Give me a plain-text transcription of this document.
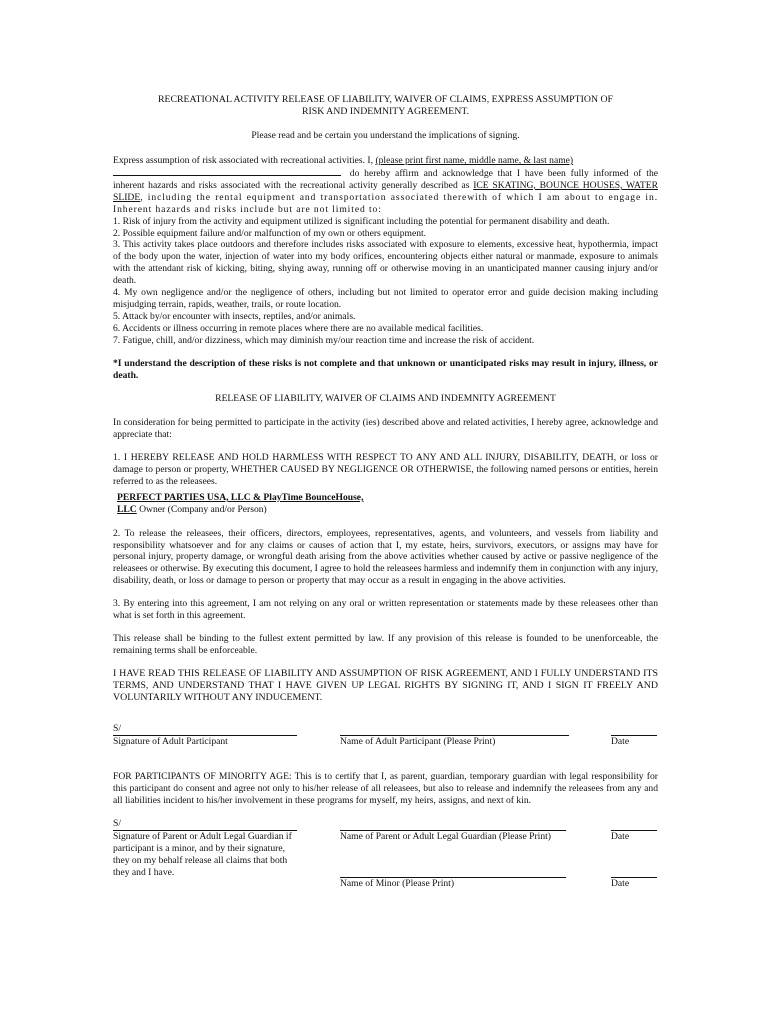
RECREATIONAL ACTIVITY RELEASE OF LIABILITY, WAIVER OF CLAIMS, EXPRESS ASSUMPTION OF
RISK AND INDEMNITY AGREEMENT.

Please read and be certain you understand the implications of signing.

Express assumption of risk associated with recreational activities. I, (please print first name, middle name, & last name)
do hereby affirm and acknowledge that I have been fully informed of the inherent hazards and risks associated with the recreational activity generally described as ICE SKATING, BOUNCE HOUSES, WATER SLIDE, including the rental equipment and transportation associated therewith of which I am about to engage in. Inherent hazards and risks include but are not limited to:

1. Risk of injury from the activity and equipment utilized is significant including the potential for permanent disability and death.

2. Possible equipment failure and/or malfunction of my own or others equipment.

3. This activity takes place outdoors and therefore includes risks associated with exposure to elements, excessive heat, hypothermia, impact of the body upon the water, injection of water into my body orifices, encountering objects either natural or manmade, exposure to animals with the attendant risk of kicking, biting, shying away, running off or otherwise moving in an unanticipated manner causing injury and/or death.

4. My own negligence and/or the negligence of others, including but not limited to operator error and guide decision making including misjudging terrain, rapids, weather, trails, or route location.

5. Attack by/or encounter with insects, reptiles, and/or animals.

6. Accidents or illness occurring in remote places where there are no available medical facilities.

7. Fatigue, chill, and/or dizziness, which may diminish my/our reaction time and increase the risk of accident.

*I understand the description of these risks is not complete and that unknown or unanticipated risks may result in injury, illness, or death.

RELEASE OF LIABILITY, WAIVER OF CLAIMS AND INDEMNITY AGREEMENT

In consideration for being permitted to participate in the activity (ies) described above and related activities, I hereby agree, acknowledge and appreciate that:

1. I HEREBY RELEASE AND HOLD HARMLESS WITH RESPECT TO ANY AND ALL INJURY, DISABILITY, DEATH, or loss or damage to person or property, WHETHER CAUSED BY NEGLIGENCE OR OTHERWISE, the following named persons or entities, herein referred to as the releasees.

PERFECT PARTIES USA, LLC & PlayTime BounceHouse,
LLC Owner (Company and/or Person)

2. To release the releasees, their officers, directors, employees, representatives, agents, and volunteers, and vessels from liability and responsibility whatsoever and for any claims or causes of action that I, my estate, heirs, survivors, executors, or assigns may have for personal injury, property damage, or wrongful death arising from the above activities whether caused by active or passive negligence of the releasees or otherwise. By executing this document, I agree to hold the releasees harmless and indemnify them in conjunction with any injury, disability, death, or loss or damage to person or property that may occur as a result in engaging in the above activities.

3. By entering into this agreement, I am not relying on any oral or written representation or statements made by these releasees other than what is set forth in this agreement.

This release shall be binding to the fullest extent permitted by law. If any provision of this release is founded to be unenforceable, the remaining terms shall be enforceable.

I HAVE READ THIS RELEASE OF LIABILITY AND ASSUMPTION OF RISK AGREEMENT, AND I FULLY UNDERSTAND ITS TERMS, AND UNDERSTAND THAT I HAVE GIVEN UP LEGAL RIGHTS BY SIGNING IT, AND I SIGN IT FREELY AND VOLUNTARILY WITHOUT ANY INDUCEMENT.

S/
Signature of Adult Participant	Name of Adult Participant (Please Print)	Date

FOR PARTICIPANTS OF MINORITY AGE: This is to certify that I, as parent, guardian, temporary guardian with legal responsibility for this participant do consent and agree not only to his/her release of all releasees, but also to release and indemnify the releasees from any and all liabilities incident to his/her involvement in these programs for myself, my heirs, assigns, and next of kin.

S/
Signature of Parent or Adult Legal Guardian if
participant is a minor, and by their signature,
they on my behalf release all claims that both
they and I have.
Name of Parent or Adult Legal Guardian (Please Print)	Date
Name of Minor (Please Print)	Date
